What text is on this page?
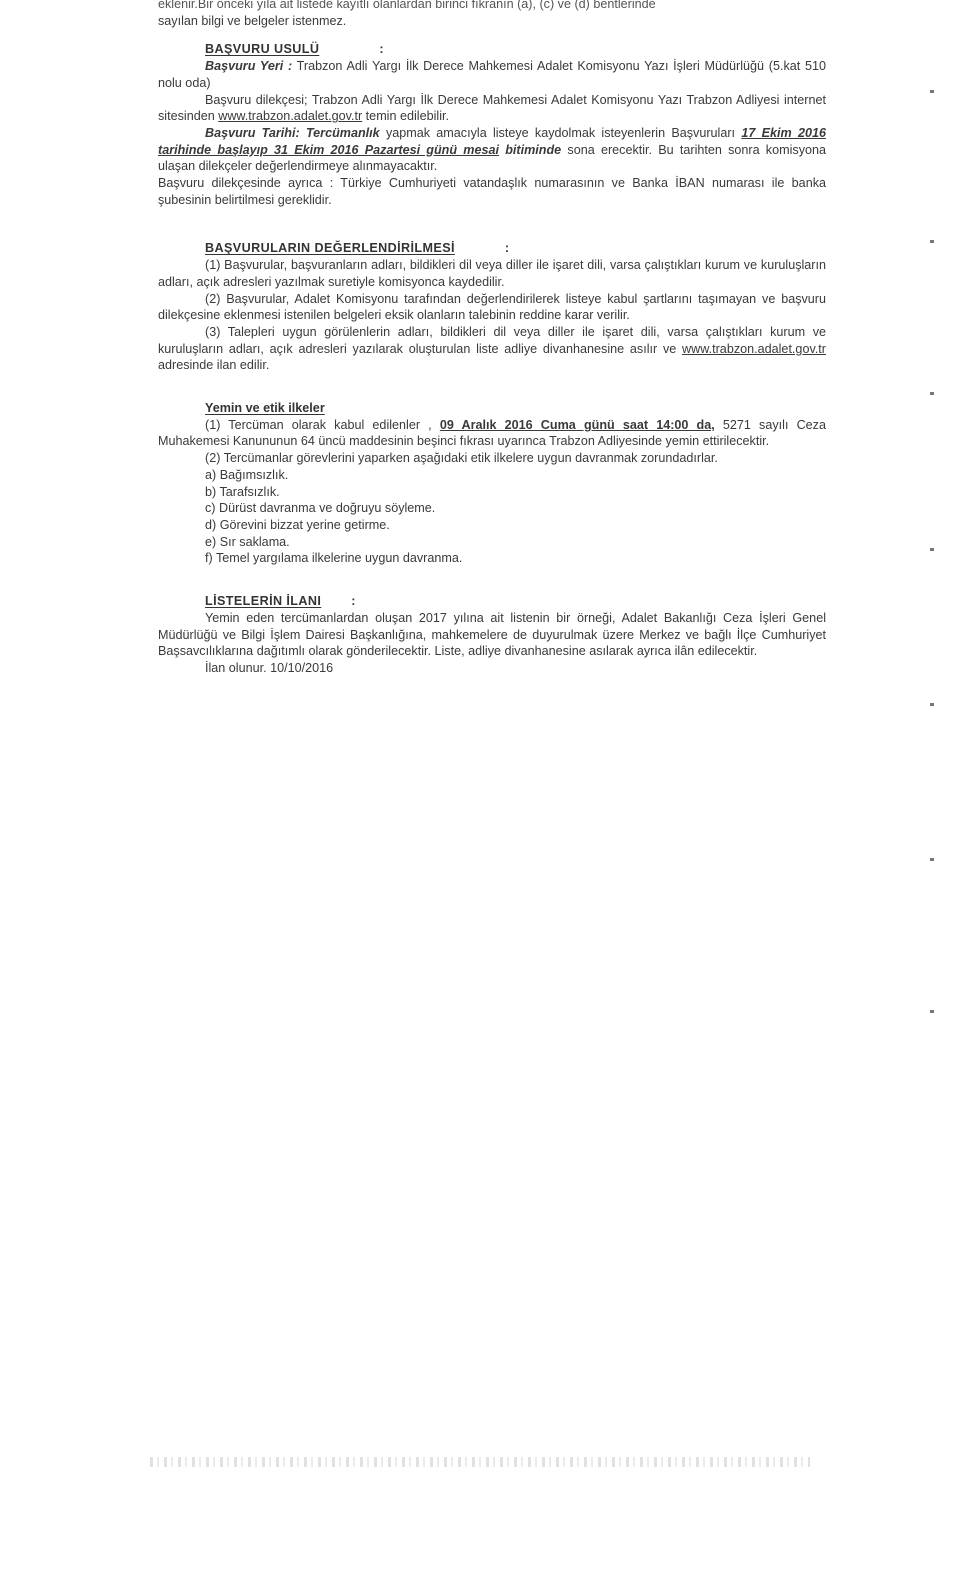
eklenir.Bir önceki yıla ait listede kayıtlı olanlardan birinci fıkranın (a), (c) ve (d) bentlerinde

sayılan bilgi ve belgeler istenmez.

BAŞVURU USULÜ	:

Başvuru Yeri : Trabzon Adli Yargı İlk Derece Mahkemesi Adalet Komisyonu Yazı İşleri Müdürlüğü (5.kat 510 nolu oda)

Başvuru dilekçesi; Trabzon Adli Yargı İlk Derece Mahkemesi Adalet Komisyonu Yazı Trabzon Adliyesi internet sitesinden www.trabzon.adalet.gov.tr temin edilebilir.

Başvuru Tarihi: Tercümanlık yapmak amacıyla listeye kaydolmak isteyenlerin Başvuruları 17 Ekim 2016 tarihinde başlayıp 31 Ekim 2016 Pazartesi günü mesai bitiminde sona erecektir. Bu tarihten sonra komisyona ulaşan dilekçeler değerlendirmeye alınmayacaktır.

Başvuru dilekçesinde ayrıca : Türkiye Cumhuriyeti vatandaşlık numarasının ve Banka İBAN numarası ile banka şubesinin belirtilmesi gereklidir.

BAŞVURULARIN DEĞERLENDİRİLMESİ	:

(1) Başvurular, başvuranların adları, bildikleri dil veya diller ile işaret dili, varsa çalıştıkları kurum ve kuruluşların adları, açık adresleri yazılmak suretiyle komisyonca kaydedilir.

(2) Başvurular, Adalet Komisyonu tarafından değerlendirilerek listeye kabul şartlarını taşımayan ve başvuru dilekçesine eklenmesi istenilen belgeleri eksik olanların talebinin reddine karar verilir.

(3) Talepleri uygun görülenlerin adları, bildikleri dil veya diller ile işaret dili, varsa çalıştıkları kurum ve kuruluşların adları, açık adresleri yazılarak oluşturulan liste adliye divanhanesine asılır ve www.trabzon.adalet.gov.tr adresinde ilan edilir.

Yemin ve etik ilkeler

(1) Tercüman olarak kabul edilenler , 09 Aralık 2016 Cuma günü saat 14:00 da, 5271 sayılı Ceza Muhakemesi Kanununun 64 üncü maddesinin beşinci fıkrası uyarınca Trabzon Adliyesinde yemin ettirilecektir.

(2) Tercümanlar görevlerini yaparken aşağıdaki etik ilkelere uygun davranmak zorundadırlar.

a) Bağımsızlık.

b) Tarafsızlık.

c) Dürüst davranma ve doğruyu söyleme.

d) Görevini bizzat yerine getirme.

e) Sır saklama.

f) Temel yargılama ilkelerine uygun davranma.

LİSTELERİN İLANI :

Yemin eden tercümanlardan oluşan 2017 yılına ait listenin bir örneği, Adalet Bakanlığı Ceza İşleri Genel Müdürlüğü ve Bilgi İşlem Dairesi Başkanlığına, mahkemelere de duyurulmak üzere Merkez ve bağlı İlçe Cumhuriyet Başsavcılıklarına dağıtımlı olarak gönderilecektir. Liste, adliye divanhanesine asılarak ayrıca ilân edilecektir.

İlan olunur. 10/10/2016
